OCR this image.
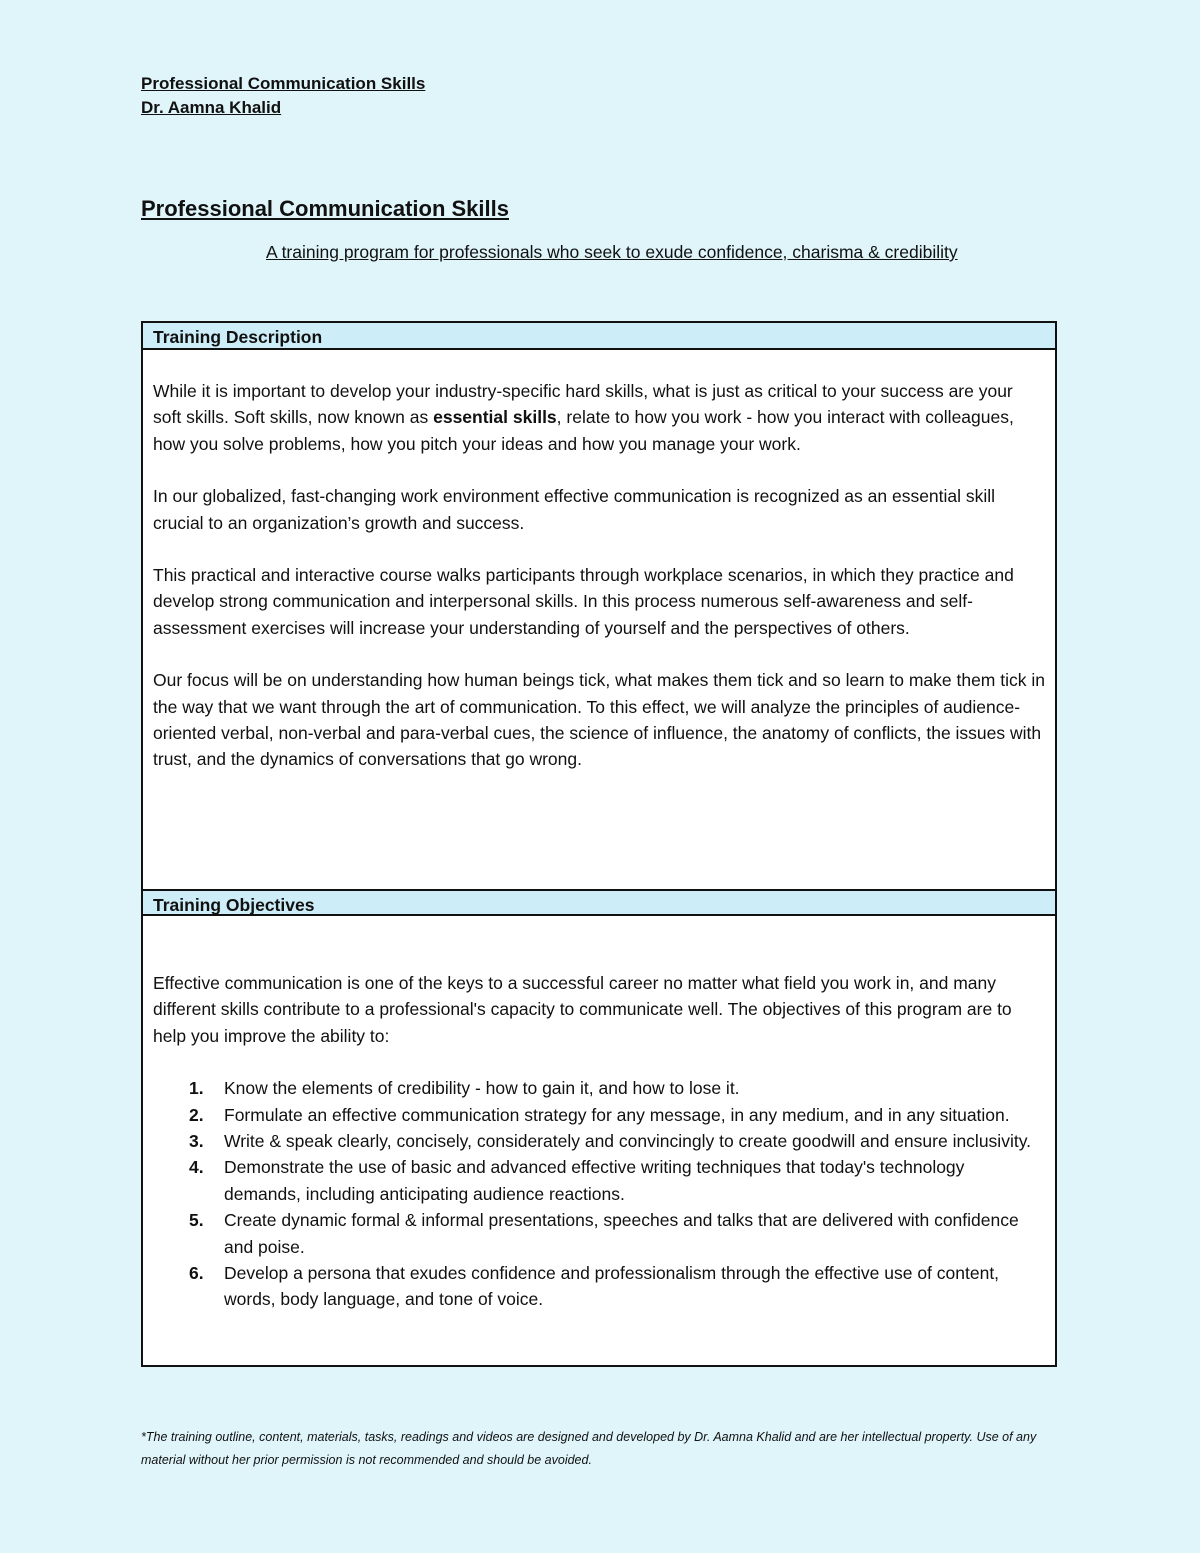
Professional Communication Skills
Dr. Aamna Khalid
Professional Communication Skills
A training program for professionals who seek to exude confidence, charisma & credibility
Training Description

While it is important to develop your industry-specific hard skills, what is just as critical to your success are your soft skills. Soft skills, now known as essential skills, relate to how you work - how you interact with colleagues, how you solve problems, how you pitch your ideas and how you manage your work.

In our globalized, fast-changing work environment effective communication is recognized as an essential skill crucial to an organization’s growth and success.

This practical and interactive course walks participants through workplace scenarios, in which they practice and develop strong communication and interpersonal skills. In this process numerous self-awareness and self-assessment exercises will increase your understanding of yourself and the perspectives of others.

Our focus will be on understanding how human beings tick, what makes them tick and so learn to make them tick in the way that we want through the art of communication. To this effect, we will analyze the principles of audience-oriented verbal, non-verbal and para-verbal cues, the science of influence, the anatomy of conflicts, the issues with trust, and the dynamics of conversations that go wrong.

Training Objectives

Effective communication is one of the keys to a successful career no matter what field you work in, and many different skills contribute to a professional's capacity to communicate well. The objectives of this program are to help you improve the ability to:

1. Know the elements of credibility - how to gain it, and how to lose it.
2. Formulate an effective communication strategy for any message, in any medium, and in any situation.
3. Write & speak clearly, concisely, considerately and convincingly to create goodwill and ensure inclusivity.
4. Demonstrate the use of basic and advanced effective writing techniques that today's technology demands, including anticipating audience reactions.
5. Create dynamic formal & informal presentations, speeches and talks that are delivered with confidence and poise.
6. Develop a persona that exudes confidence and professionalism through the effective use of content, words, body language, and tone of voice.
*The training outline, content, materials, tasks, readings and videos are designed and developed by Dr. Aamna Khalid and are her intellectual property. Use of any material without her prior permission is not recommended and should be avoided.
